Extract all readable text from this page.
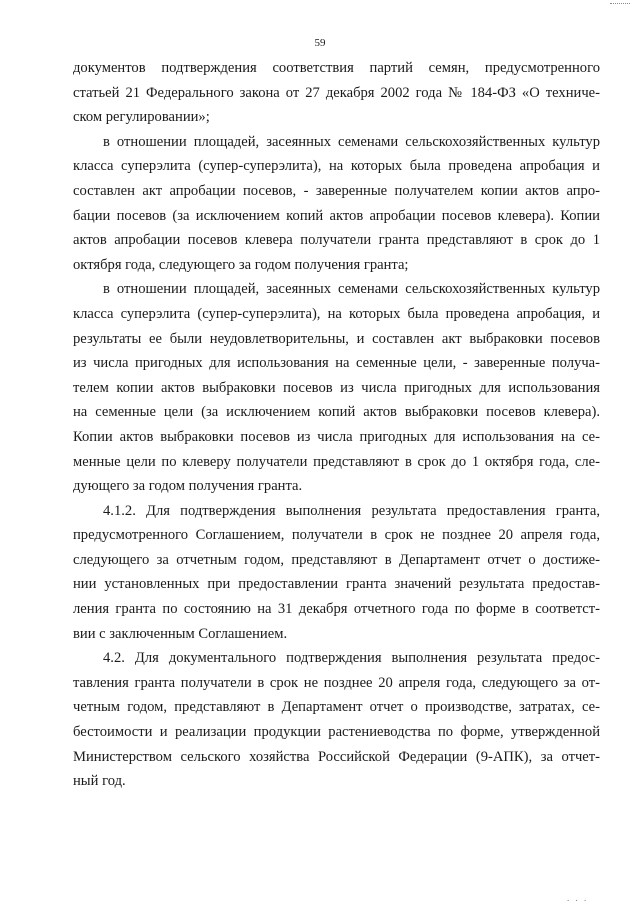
59
документов подтверждения соответствия партий семян, предусмотренного
статьей 21 Федерального закона от 27 декабря 2002 года № 184-ФЗ «О техниче-
ском регулировании»;
в отношении площадей, засеянных семенами сельскохозяйственных культур
класса суперэлита (супер-суперэлита), на которых была проведена апробация и
составлен акт апробации посевов, - заверенные получателем копии актов апро-
бации посевов (за исключением копий актов апробации посевов клевера). Копии
актов апробации посевов клевера получатели гранта представляют в срок до 1
октября года, следующего за годом получения гранта;
в отношении площадей, засеянных семенами сельскохозяйственных культур
класса суперэлита (супер-суперэлита), на которых была проведена апробация, и
результаты ее были неудовлетворительны, и составлен акт выбраковки посевов
из числа пригодных для использования на семенные цели, - заверенные получа-
телем копии актов выбраковки посевов из числа пригодных для использования
на семенные цели (за исключением копий актов выбраковки посевов клевера).
Копии актов выбраковки посевов из числа пригодных для использования на се-
менные цели по клеверу получатели представляют в срок до 1 октября года, сле-
дующего за годом получения гранта.
4.1.2. Для подтверждения выполнения результата предоставления гранта,
предусмотренного Соглашением, получатели в срок не позднее 20 апреля года,
следующего за отчетным годом, представляют в Департамент отчет о достиже-
нии установленных при предоставлении гранта значений результата предостав-
ления гранта по состоянию на 31 декабря отчетного года по форме в соответст-
вии с заключенным Соглашением.
4.2. Для документального подтверждения выполнения результата предос-
тавления гранта получатели в срок не позднее 20 апреля года, следующего за от-
четным годом, представляют в Департамент отчет о производстве, затратах, се-
бестоимости и реализации продукции растениеводства по форме, утвержденной
Министерством сельского хозяйства Российской Федерации (9-АПК), за отчет-
ный год.
. . .
